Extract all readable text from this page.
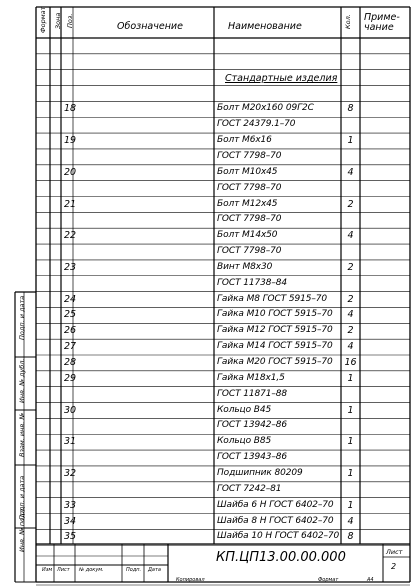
Формат Зона Поз.	Обозначение	Наименование	Кол. Приме-
чание
Стандартные изделия
18	Болт М20х160 09Г2С	8
ГОСТ 24379.1–70
19	Болт М6х16	1
ГОСТ 7798–70
20	Болт М10х45	4
ГОСТ 7798–70
21	Болт М12х45	2
ГОСТ 7798–70
22	Болт М14х50	4
ГОСТ 7798–70
23	Винт М8х30	2
ГОСТ 11738–84
24	Гайка М8 ГОСТ 5915–70	2
25	Гайка М10 ГОСТ 5915–70	4
26	Гайка М12 ГОСТ 5915–70	2
27	Гайка М14 ГОСТ 5915–70	4
28	Гайка М20 ГОСТ 5915–70	16
29	Гайка М18х1,5	1
ГОСТ 11871–88
30	Кольцо В45	1
ГОСТ 13942–86
31	Кольцо В85	1
ГОСТ 13943–86
32	Подшипник 80209	1
ГОСТ 7242–81
33	Шайба 6 Н ГОСТ 6402–70	1
34	Шайба 8 Н ГОСТ 6402–70	4
35	Шайба 10 Н ГОСТ 6402–70 8
Инв. № подл.
Подп. и дата
Взам. инв. №
Инв. № дубл.
Подп. и дата
КП.ЦП13.00.00.000	Лист
2
Изм Лист № докум.	Подп. Дата
Копировал	Формат	A4
